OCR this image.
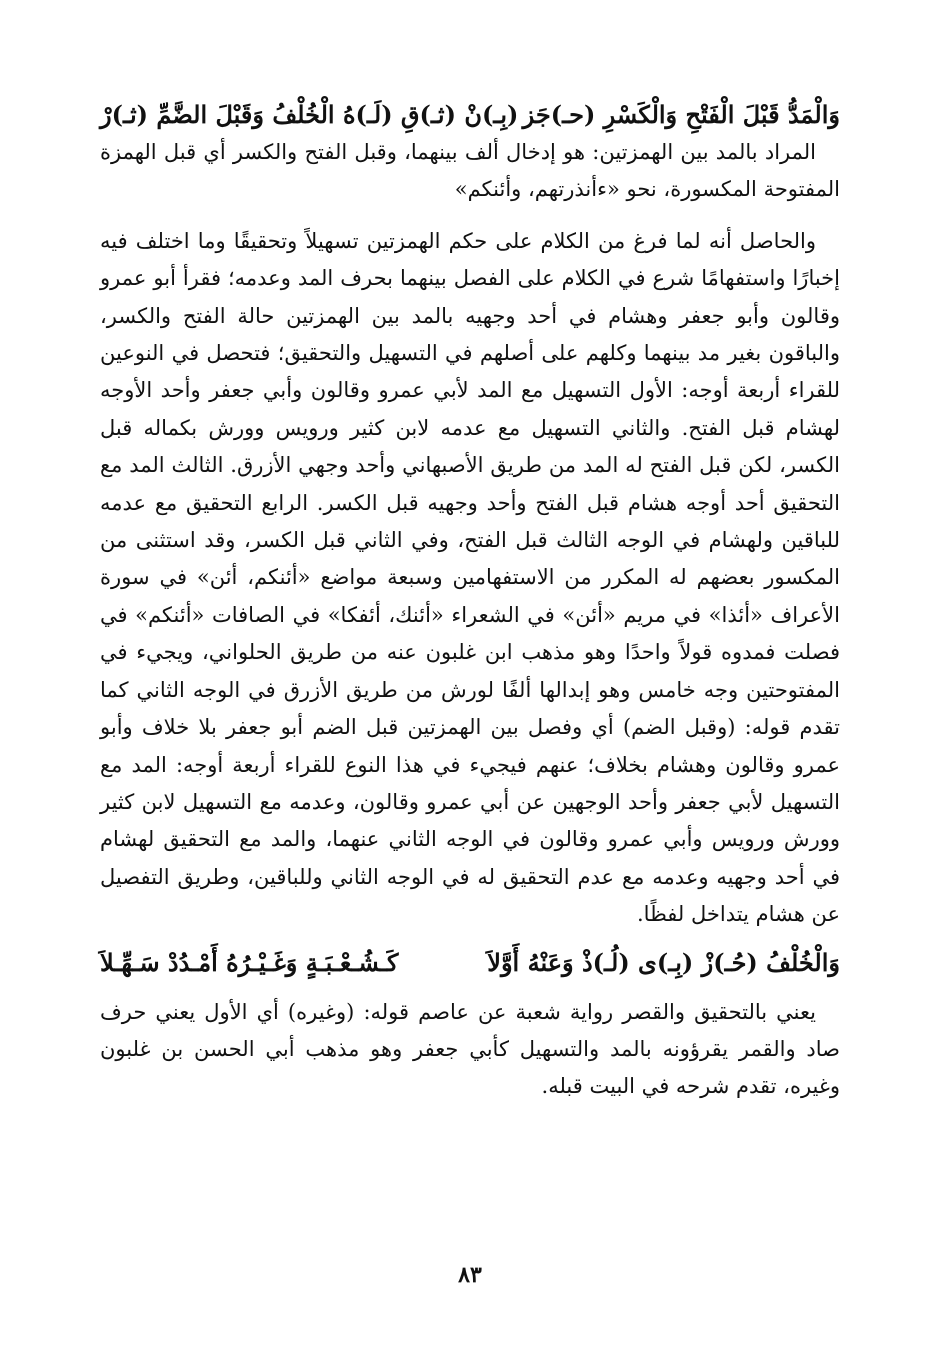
وَالْمَدُّ قَبْلَ الْفَتْحِ وَالْكَسْرِ (حـ)جَز
(بِـ)نْ (ثـ)قِ (لَـ)هُ الْخُلْفُ وَقَبْلَ الضَّمِّ (ثـ)رْ

المراد بالمد بين الهمزتين: هو إدخال ألف بينهما، وقبل الفتح والكسر أي قبل الهمزة المفتوحة المكسورة، نحو «ءأنذرتهم، وأئنكم»

والحاصل أنه لما فرغ من الكلام على حكم الهمزتين تسهيلاً وتحقيقًا وما اختلف فيه إخبارًا واستفهامًا شرع في الكلام على الفصل بينهما بحرف المد وعدمه؛ فقرأ أبو عمرو وقالون وأبو جعفر وهشام في أحد وجهيه بالمد بين الهمزتين حالة الفتح والكسر، والباقون بغير مد بينهما وكلهم على أصلهم في التسهيل والتحقيق؛ فتحصل في النوعين للقراء أربعة أوجه: الأول التسهيل مع المد لأبي عمرو وقالون وأبي جعفر وأحد الأوجه لهشام قبل الفتح. والثاني التسهيل مع عدمه لابن كثير ورويس وورش بكماله قبل الكسر، لكن قبل الفتح له المد من طريق الأصبهاني وأحد وجهي الأزرق. الثالث المد مع التحقيق أحد أوجه هشام قبل الفتح وأحد وجهيه قبل الكسر. الرابع التحقيق مع عدمه للباقين ولهشام في الوجه الثالث قبل الفتح، وفي الثاني قبل الكسر، وقد استثنى من المكسور بعضهم له المكرر من الاستفهامين وسبعة مواضع «أئنكم، أئن» في سورة الأعراف «أئذا» في مريم «أئن» في الشعراء «أئنك، أئفكا» في الصافات «أئنكم» في فصلت فمدوه قولاً واحدًا وهو مذهب ابن غلبون عنه من طريق الحلواني، ويجيء في المفتوحتين وجه خامس وهو إبدالها ألفًا لورش من طريق الأزرق في الوجه الثاني كما تقدم قوله: (وقبل الضم) أي وفصل بين الهمزتين قبل الضم أبو جعفر بلا خلاف وأبو عمرو وقالون وهشام بخلاف؛ عنهم فيجيء في هذا النوع للقراء أربعة أوجه: المد مع التسهيل لأبي جعفر وأحد الوجهين عن أبي عمرو وقالون، وعدمه مع التسهيل لابن كثير وورش ورويس وأبي عمرو وقالون في الوجه الثاني عنهما، والمد مع التحقيق لهشام في أحد وجهيه وعدمه مع عدم التحقيق له في الوجه الثاني وللباقين، وطريق التفصيل عن هشام يتداخل لفظًا.

وَالْخُلْفُ (حُـ)زْ (بِـ)ى (لُـ)ذْ وَعَنْهُ أَوَّلاَ
كَـشُـعْـبَـةٍ وَغَـيْـرُهُ أَمْـدُدْ سَـهِّـلاَ

يعني بالتحقيق والقصر رواية شعبة عن عاصم قوله: (وغيره) أي الأول يعني حرف صاد والقمر يقرؤونه بالمد والتسهيل كأبي جعفر وهو مذهب أبي الحسن بن غلبون وغيره، تقدم شرحه في البيت قبله.

٨٣
